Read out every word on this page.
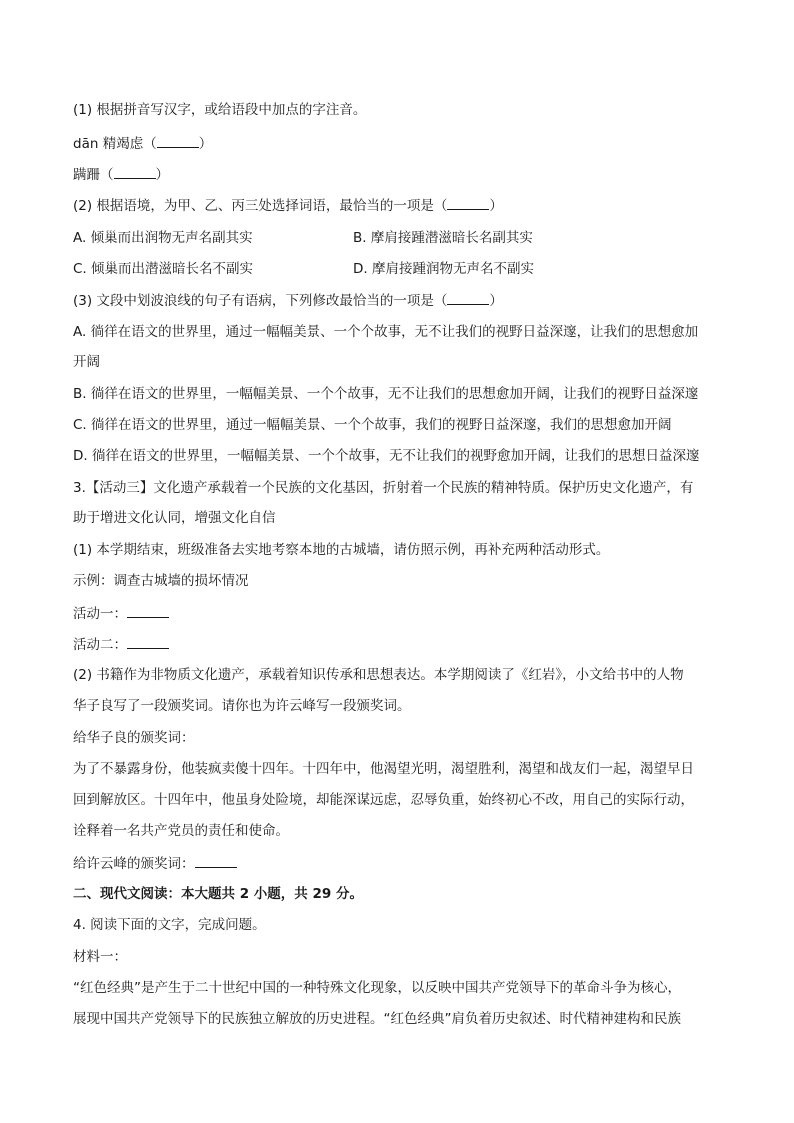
(1) 根据拼音写汉字，或给语段中加点的字注音。
dān 精竭虑（	）
蹒跚（	）
(2) 根据语境，为甲、乙、丙三处选择词语，最恰当的一项是（	）
A. 倾巢而出润物无声名副其实	B. 摩肩接踵潜滋暗长名副其实
C. 倾巢而出潜滋暗长名不副实	D. 摩肩接踵润物无声名不副实
(3) 文段中划波浪线的句子有语病，下列修改最恰当的一项是（	）
A. 徜徉在语文的世界里，通过一幅幅美景、一个个故事，无不让我们的视野日益深邃，让我们的思想愈加
开阔
B. 徜徉在语文的世界里，一幅幅美景、一个个故事，无不让我们的思想愈加开阔，让我们的视野日益深邃
C. 徜徉在语文的世界里，通过一幅幅美景、一个个故事，我们的视野日益深邃，我们的思想愈加开阔
D. 徜徉在语文的世界里，一幅幅美景、一个个故事，无不让我们的视野愈加开阔，让我们的思想日益深邃
3.【活动三】文化遗产承载着一个民族的文化基因，折射着一个民族的精神特质。保护历史文化遗产，有
助于增进文化认同，增强文化自信
(1) 本学期结束，班级准备去实地考察本地的古城墙，请仿照示例，再补充两种活动形式。
示例：调查古城墙的损坏情况
活动一：
活动二：
(2) 书籍作为非物质文化遗产，承载着知识传承和思想表达。本学期阅读了《红岩》，小文给书中的人物
华子良写了一段颁奖词。请你也为许云峰写一段颁奖词。
给华子良的颁奖词：
为了不暴露身份，他装疯卖傻十四年。十四年中，他渴望光明，渴望胜利，渴望和战友们一起，渴望早日
回到解放区。十四年中，他虽身处险境，却能深谋远虑，忍辱负重，始终初心不改，用自己的实际行动，
诠释着一名共产党员的责任和使命。
给许云峰的颁奖词：
二、现代文阅读：本大题共 2 小题，共 29 分。
4. 阅读下面的文字，完成问题。
材料一：
“红色经典”是产生于二十世纪中国的一种特殊文化现象，以反映中国共产党领导下的革命斗争为核心，
展现中国共产党领导下的民族独立解放的历史进程。“红色经典”肩负着历史叙述、时代精神建构和民族
